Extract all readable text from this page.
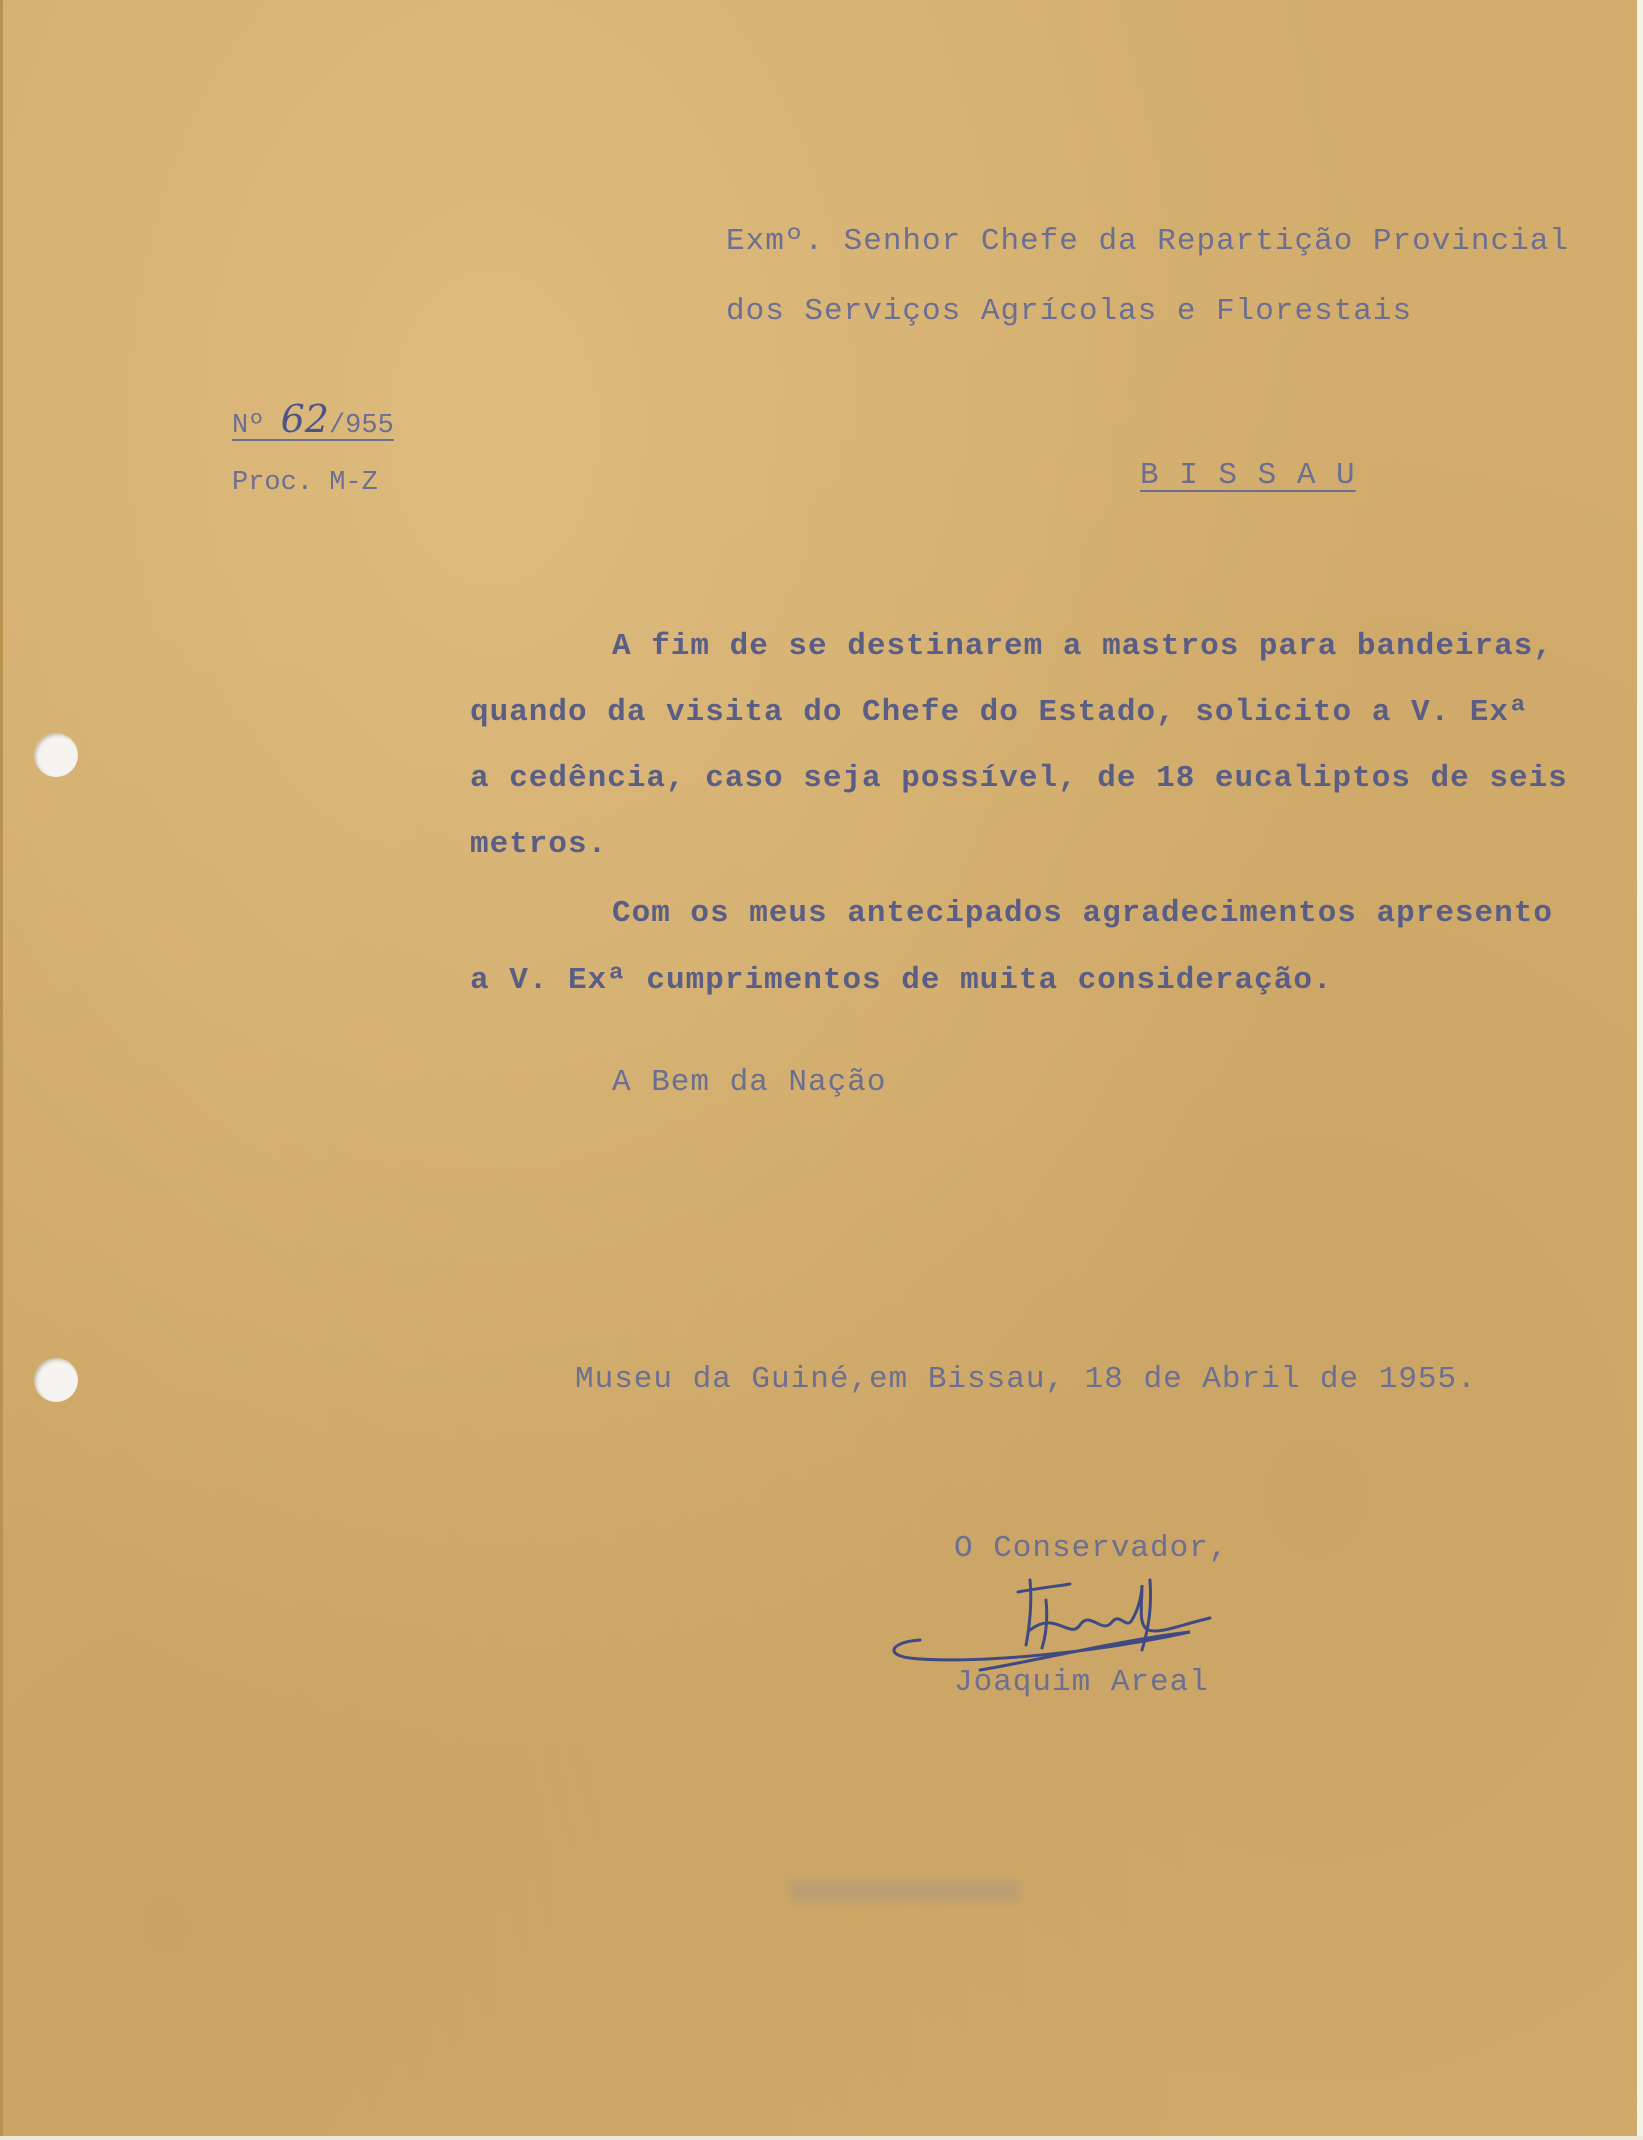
Exmº. Senhor Chefe da Repartição Provincial
dos Serviços Agrícolas e Florestais
Nº 62/955
Proc. M-Z	B I S S A U
A fim de se destinarem a mastros para bandeiras,
quando da visita do Chefe do Estado, solicito a V. Exª
a cedência, caso seja possível, de 18 eucaliptos de seis
metros.
Com os meus antecipados agradecimentos apresento
a V. Exª cumprimentos de muita consideração.
A Bem da Nação
Museu da Guiné,em Bissau, 18 de Abril de 1955.
O Conservador,
Joaquim Areal
